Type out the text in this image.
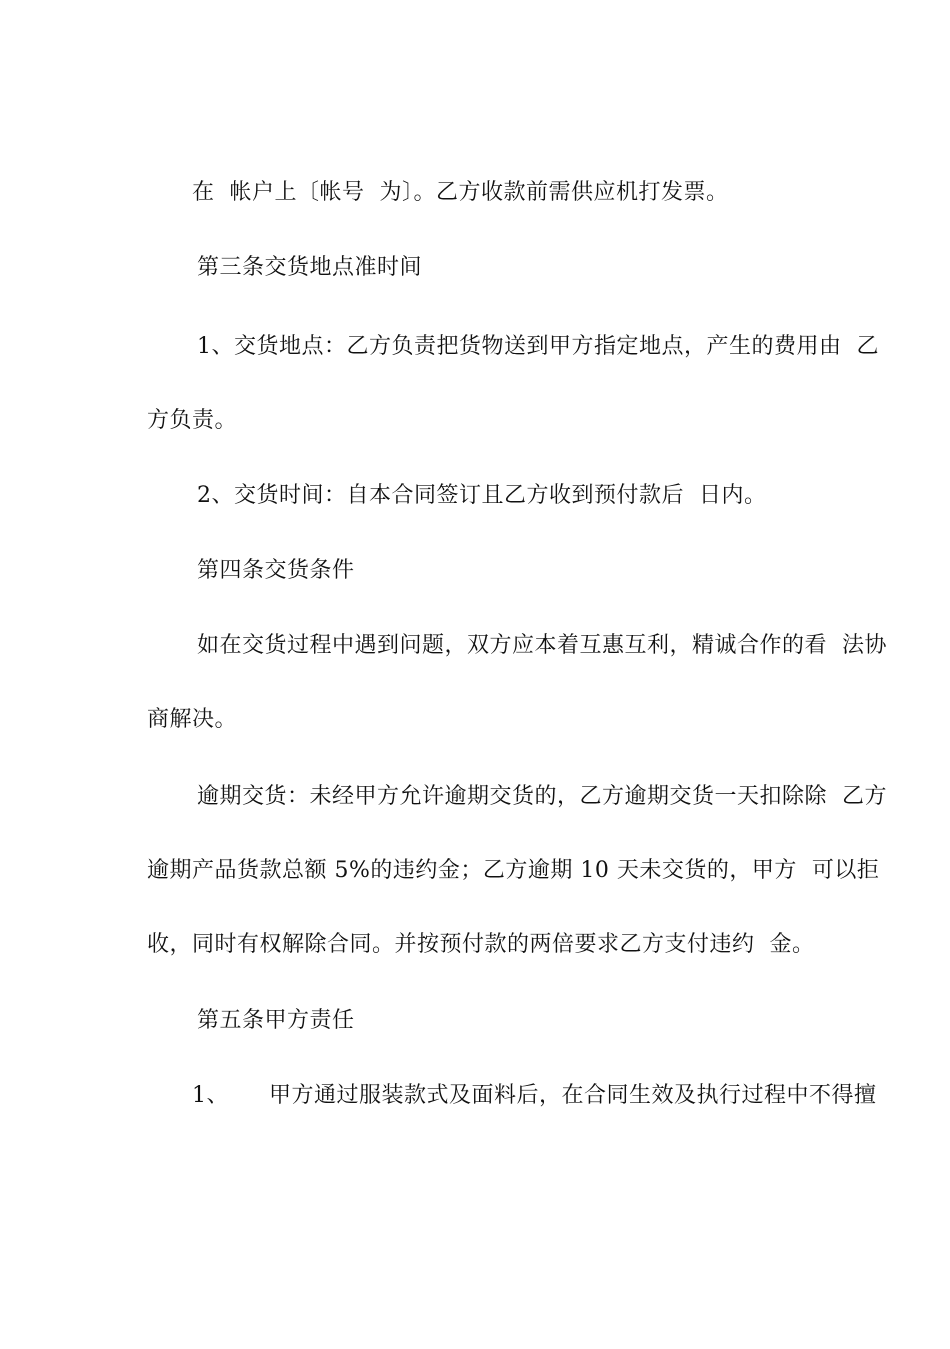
在  帐户上〔帐号  为〕。乙方收款前需供应机打发票。
第三条交货地点准时间
1、交货地点：乙方负责把货物送到甲方指定地点，产生的费用由  乙
方负责。
2、交货时间：自本合同签订且乙方收到预付款后  日内。
第四条交货条件
如在交货过程中遇到问题，双方应本着互惠互利，精诚合作的看  法协
商解决。
逾期交货：未经甲方允许逾期交货的，乙方逾期交货一天扣除除  乙方
逾期产品货款总额 5%的违约金；乙方逾期 10 天未交货的，甲方  可以拒
收，同时有权解除合同。并按预付款的两倍要求乙方支付违约  金。
第五条甲方责任
1、 甲方通过服装款式及面料后，在合同生效及执行过程中不得擅
